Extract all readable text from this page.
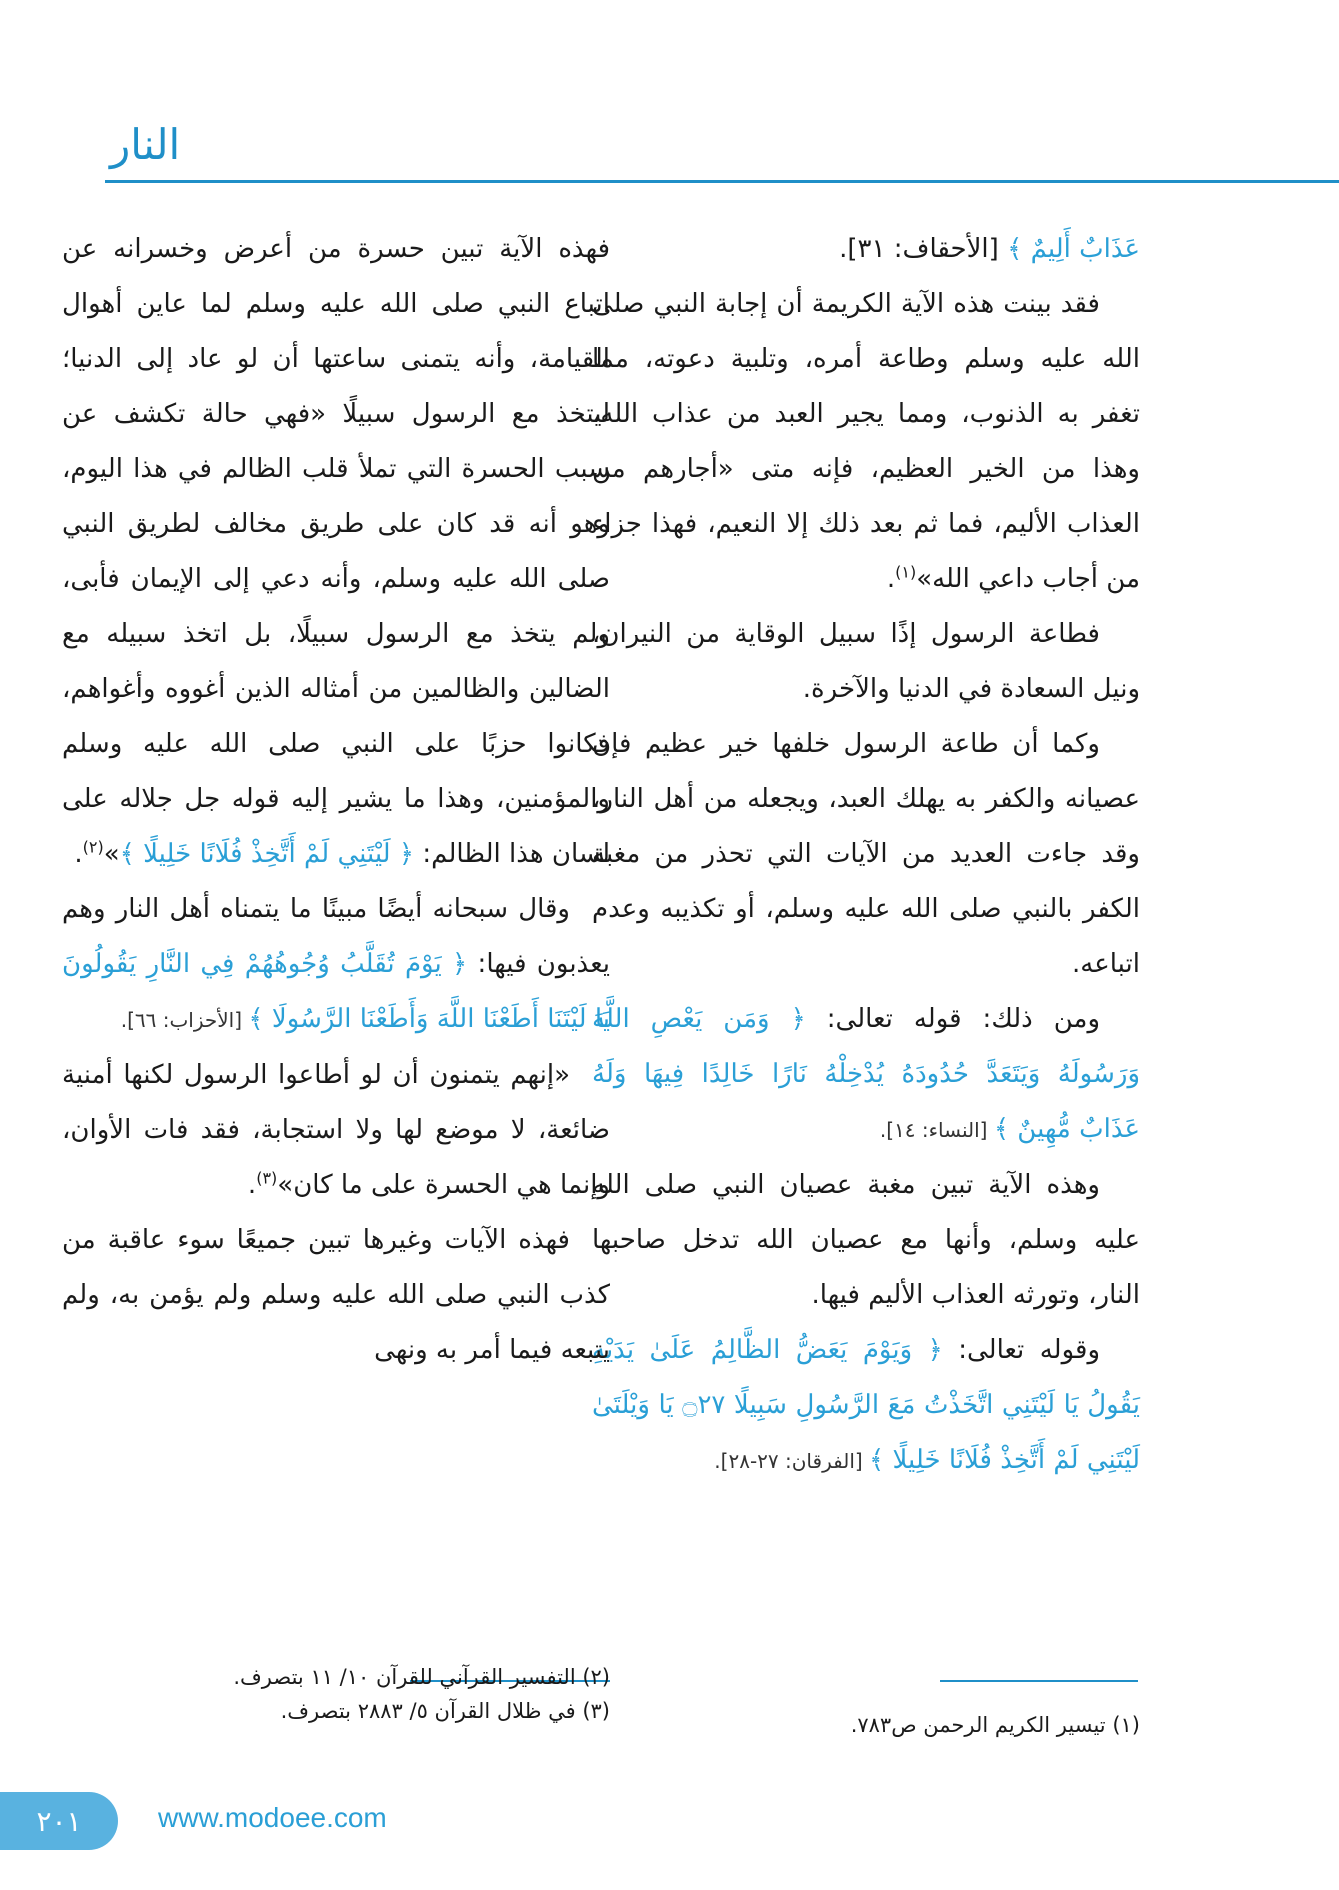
النار

عَذَابٌ أَلِيمٌ ﴾ [الأحقاف: ٣١].

فقد بينت هذه الآية الكريمة أن إجابة النبي صلى الله عليه وسلم وطاعة أمره، وتلبية دعوته، مما تغفر به الذنوب، ومما يجير العبد من عذاب الله، وهذا من الخير العظيم، فإنه متى «أجارهم من العذاب الأليم، فما ثم بعد ذلك إلا النعيم، فهذا جزاء من أجاب داعي الله»$^{(١)}$.

فطاعة الرسول إذًا سبيل الوقاية من النيران، ونيل السعادة في الدنيا والآخرة.

وكما أن طاعة الرسول خلفها خير عظيم فإن عصيانه والكفر به يهلك العبد، ويجعله من أهل النار، وقد جاءت العديد من الآيات التي تحذر من مغبة الكفر بالنبي صلى الله عليه وسلم، أو تكذيبه وعدم اتباعه.

ومن ذلك: قوله تعالى: ﴿ وَمَن يَعْصِ اللَّهَ وَرَسُولَهُ وَيَتَعَدَّ حُدُودَهُ يُدْخِلْهُ نَارًا خَالِدًا فِيهَا وَلَهُ عَذَابٌ مُّهِينٌ ﴾ [النساء: ١٤].

وهذه الآية تبين مغبة عصيان النبي صلى الله عليه وسلم، وأنها مع عصيان الله تدخل صاحبها النار، وتورثه العذاب الأليم فيها.

وقوله تعالى: ﴿ وَيَوْمَ يَعَضُّ الظَّالِمُ عَلَىٰ يَدَيْهِ يَقُولُ يَا لَيْتَنِي اتَّخَذْتُ مَعَ الرَّسُولِ سَبِيلًا ۝٢٧ يَا وَيْلَتَىٰ لَيْتَنِي لَمْ أَتَّخِذْ فُلَانًا خَلِيلًا ﴾ [الفرقان: ٢٧-٢٨].

فهذه الآية تبين حسرة من أعرض وخسرانه عن اتباع النبي صلى الله عليه وسلم لما عاين أهوال القيامة، وأنه يتمنى ساعتها أن لو عاد إلى الدنيا؛ ليتخذ مع الرسول سبيلًا «فهي حالة تكشف عن سبب الحسرة التي تملأ قلب الظالم في هذا اليوم، وهو أنه قد كان على طريق مخالف لطريق النبي صلى الله عليه وسلم، وأنه دعي إلى الإيمان فأبى، ولم يتخذ مع الرسول سبيلًا، بل اتخذ سبيله مع الضالين والظالمين من أمثاله الذين أغووه وأغواهم، فكانوا حزبًا على النبي صلى الله عليه وسلم والمؤمنين، وهذا ما يشير إليه قوله جل جلاله على لسان هذا الظالم: ﴿ لَيْتَنِي لَمْ أَتَّخِذْ فُلَانًا خَلِيلًا ﴾»$^{(٢)}$.

وقال سبحانه أيضًا مبينًا ما يتمناه أهل النار وهم يعذبون فيها: ﴿ يَوْمَ تُقَلَّبُ وُجُوهُهُمْ فِي النَّارِ يَقُولُونَ يَا لَيْتَنَا أَطَعْنَا اللَّهَ وَأَطَعْنَا الرَّسُولَا ﴾ [الأحزاب: ٦٦].

«إنهم يتمنون أن لو أطاعوا الرسول لكنها أمنية ضائعة، لا موضع لها ولا استجابة، فقد فات الأوان، وإنما هي الحسرة على ما كان»$^{(٣)}$.

فهذه الآيات وغيرها تبين جميعًا سوء عاقبة من كذب النبي صلى الله عليه وسلم ولم يؤمن به، ولم يتبعه فيما أمر به ونهى

(١) تيسير الكريم الرحمن ص٧٨٣.

(٢) التفسير القرآني للقرآن ١٠/ ١١ بتصرف.

(٣) في ظلال القرآن ٥/ ٢٨٨٣ بتصرف.

٢٠١	www.modoee.com
